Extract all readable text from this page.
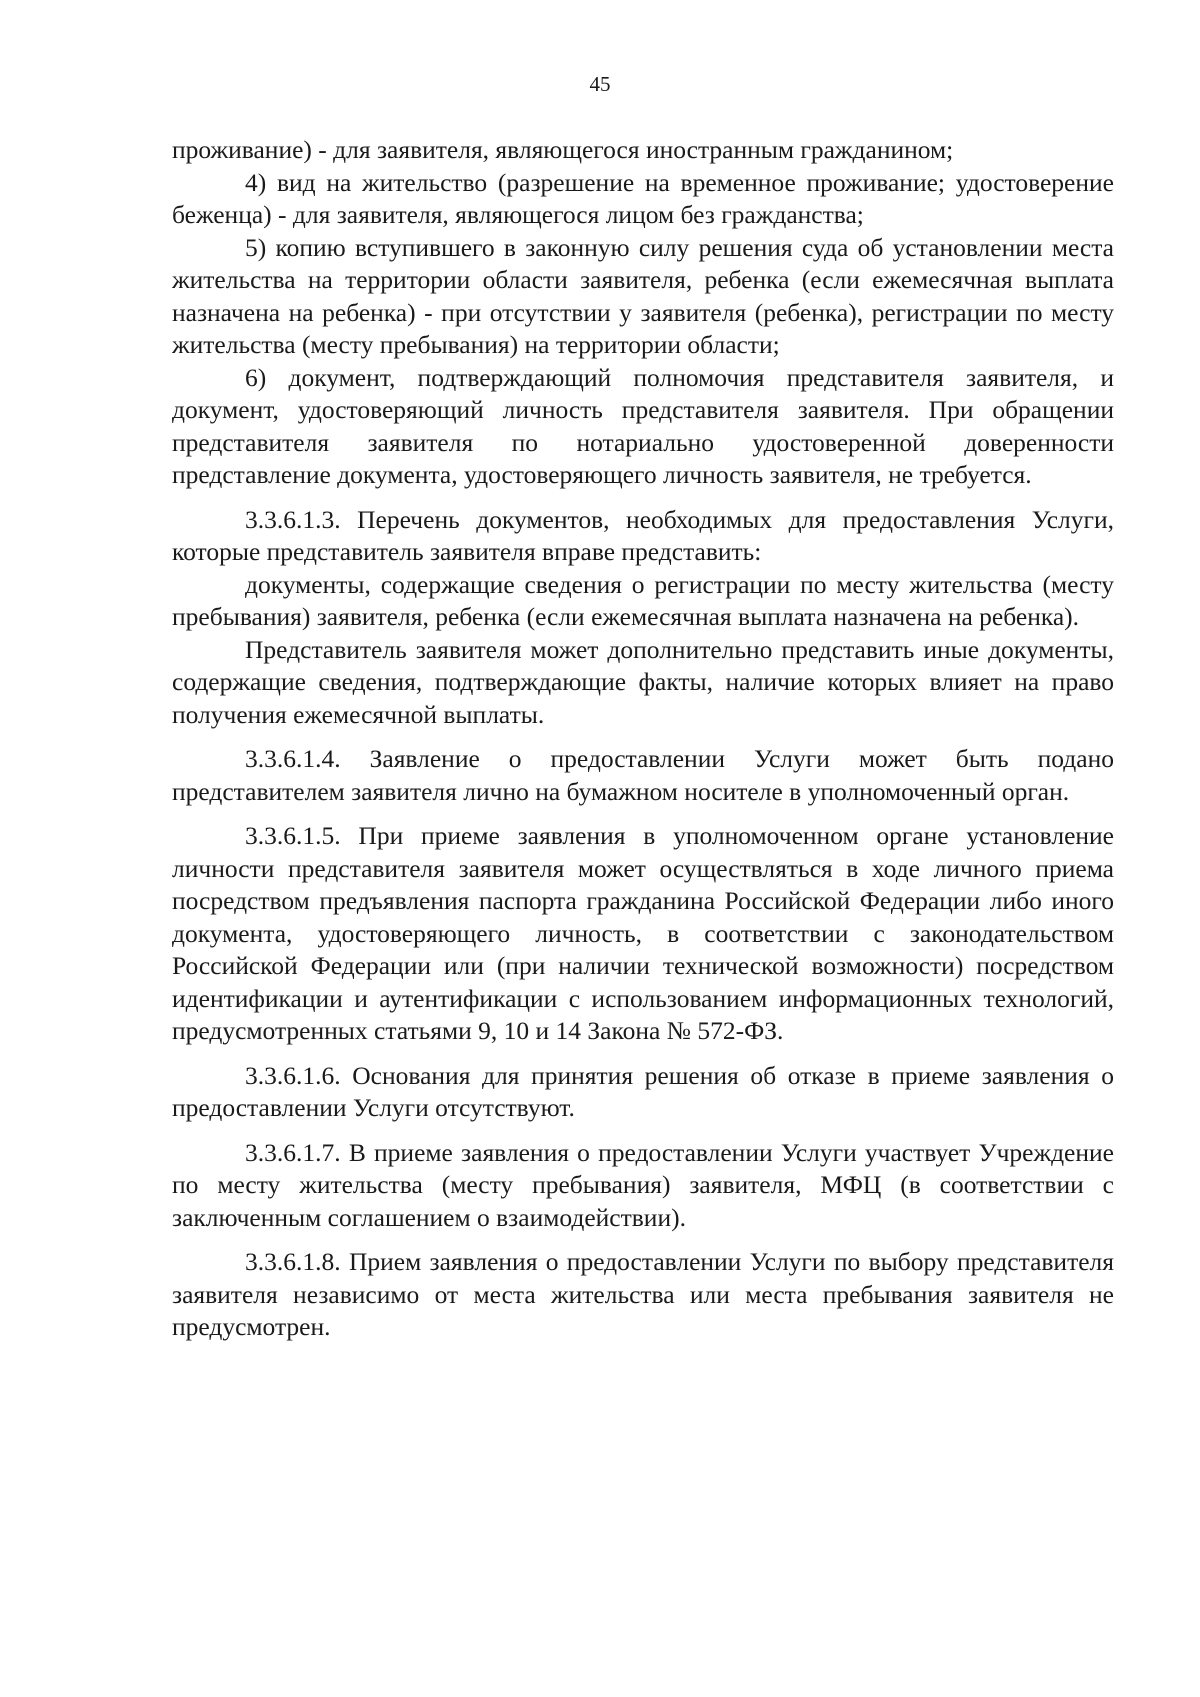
45

проживание) - для заявителя, являющегося иностранным гражданином;

4) вид на жительство (разрешение на временное проживание; удостоверение беженца) - для заявителя, являющегося лицом без гражданства;

5) копию вступившего в законную силу решения суда об установлении места жительства на территории области заявителя, ребенка (если ежемесячная выплата назначена на ребенка) - при отсутствии у заявителя (ребенка), регистрации по месту жительства (месту пребывания) на территории области;

6) документ, подтверждающий полномочия представителя заявителя, и документ, удостоверяющий личность представителя заявителя. При обращении представителя заявителя по нотариально удостоверенной доверенности представление документа, удостоверяющего личность заявителя, не требуется.

3.3.6.1.3. Перечень документов, необходимых для предоставления Услуги, которые представитель заявителя вправе представить:

документы, содержащие сведения о регистрации по месту жительства (месту пребывания) заявителя, ребенка (если ежемесячная выплата назначена на ребенка).

Представитель заявителя может дополнительно представить иные документы, содержащие сведения, подтверждающие факты, наличие которых влияет на право получения ежемесячной выплаты.

3.3.6.1.4. Заявление о предоставлении Услуги может быть подано представителем заявителя лично на бумажном носителе в уполномоченный орган.

3.3.6.1.5. При приеме заявления в уполномоченном органе установление личности представителя заявителя может осуществляться в ходе личного приема посредством предъявления паспорта гражданина Российской Федерации либо иного документа, удостоверяющего личность, в соответствии с законодательством Российской Федерации или (при наличии технической возможности) посредством идентификации и аутентификации с использованием информационных технологий, предусмотренных статьями 9, 10 и 14 Закона № 572-ФЗ.

3.3.6.1.6. Основания для принятия решения об отказе в приеме заявления о предоставлении Услуги отсутствуют.

3.3.6.1.7. В приеме заявления о предоставлении Услуги участвует Учреждение по месту жительства (месту пребывания) заявителя, МФЦ (в соответствии с заключенным соглашением о взаимодействии).

3.3.6.1.8. Прием заявления о предоставлении Услуги по выбору представителя заявителя независимо от места жительства или места пребывания заявителя не предусмотрен.
